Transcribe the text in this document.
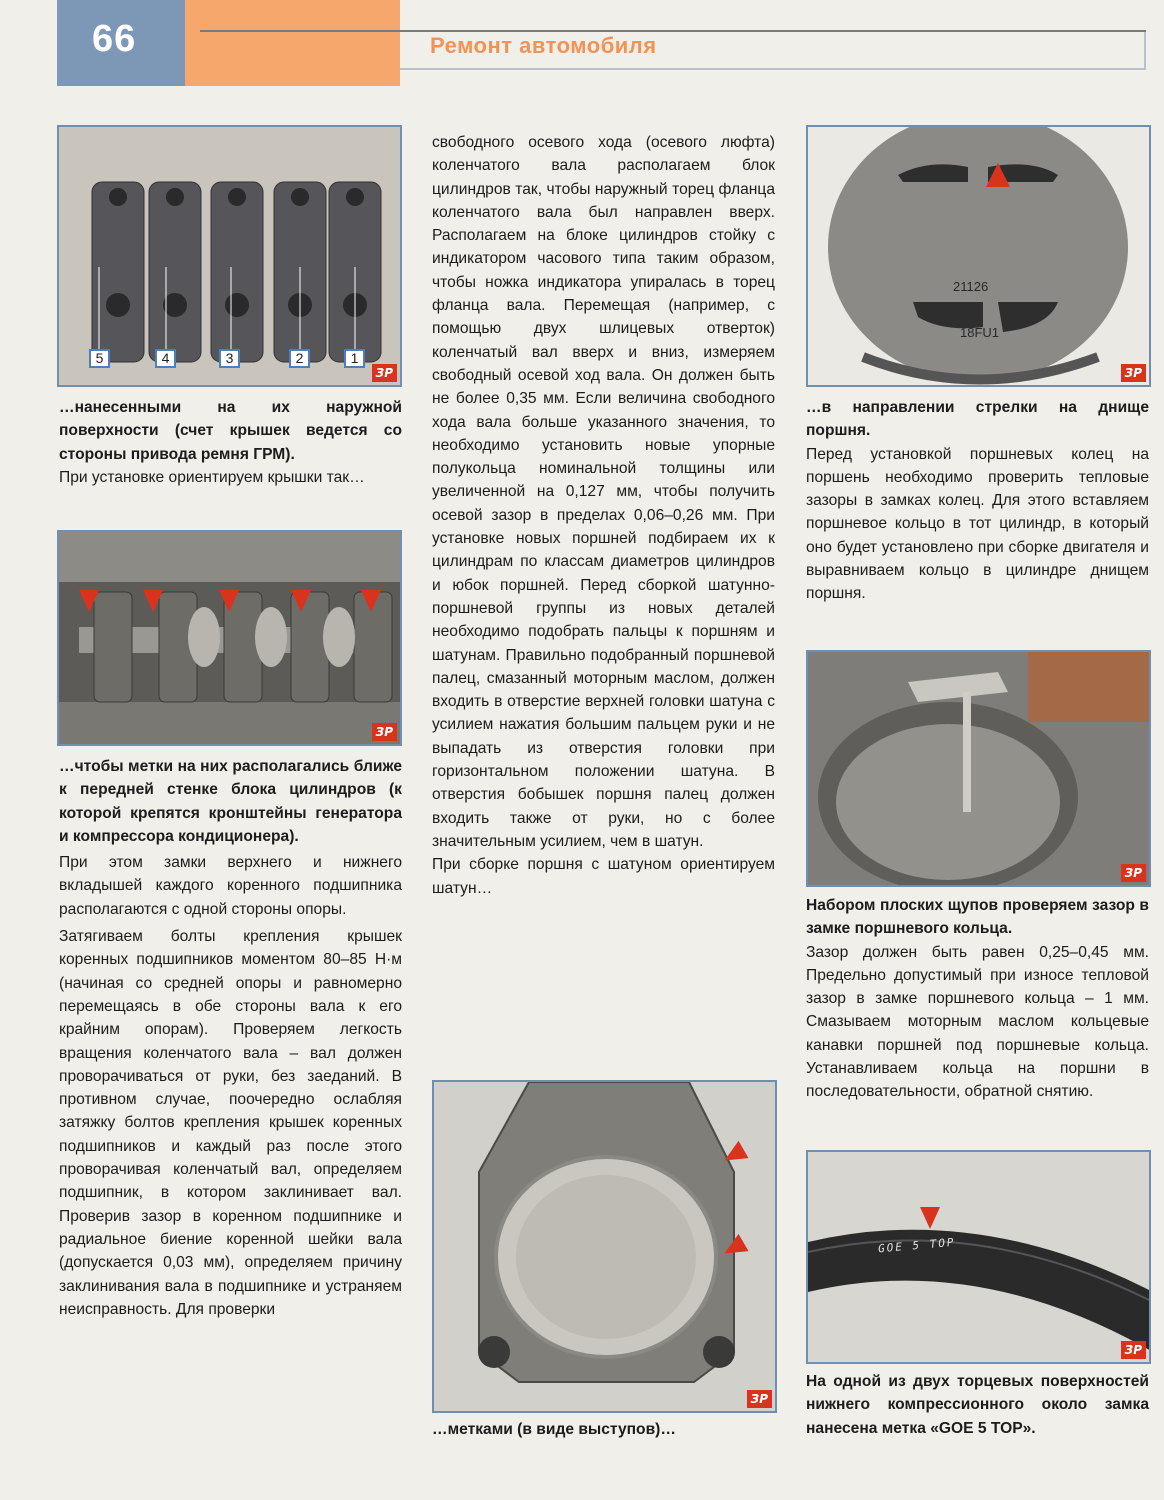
66	Ремонт автомобиля
5	4	3	2	1
ЗР

…нанесенными на их наружной поверхности (счет крышек ведется со стороны привода ремня ГРМ).

При установке ориентируем крышки так…

ЗР

…чтобы метки на них располагались ближе к передней стенке блока цилиндров (к которой крепятся кронштейны генератора и компрессора кондиционера).

При этом замки верхнего и нижнего вкладышей каждого коренного подшипника располагаются с одной стороны опоры.

Затягиваем болты крепления крышек коренных подшипников моментом 80–85 Н·м (начиная со средней опоры и равномерно перемещаясь в обе стороны вала к его крайним опорам). Проверяем легкость вращения коленчатого вала – вал должен проворачиваться от руки, без заеданий. В противном случае, поочередно ослабляя затяжку болтов крепления крышек коренных подшипников и каждый раз после этого проворачивая коленчатый вал, определяем подшипник, в котором заклинивает вал. Проверив зазор в коренном подшипнике и радиальное биение коренной шейки вала (допускается 0,03 мм), определяем причину заклинивания вала в подшипнике и устраняем неисправность. Для проверки

свободного осевого хода (осевого люфта) коленчатого вала располагаем блок цилиндров так, чтобы наружный торец фланца коленчатого вала был направлен вверх. Располагаем на блоке цилиндров стойку с индикатором часового типа таким образом, чтобы ножка индикатора упиралась в торец фланца вала. Перемещая (например, с помощью двух шлицевых отверток) коленчатый вал вверх и вниз, измеряем свободный осевой ход вала. Он должен быть не более 0,35 мм. Если величина свободного хода вала больше указанного значения, то необходимо установить новые упорные полукольца номинальной толщины или увеличенной на 0,127 мм, чтобы получить осевой зазор в пределах 0,06–0,26 мм. При установке новых поршней подбираем их к цилиндрам по классам диаметров цилиндров и юбок поршней. Перед сборкой шатунно-поршневой группы из новых деталей необходимо подобрать пальцы к поршням и шатунам. Правильно подобранный поршневой палец, смазанный моторным маслом, должен входить в отверстие верхней головки шатуна с усилием нажатия большим пальцем руки и не выпадать из отверстия головки при горизонтальном положении шатуна. В отверстия бобышек поршня палец должен входить также от руки, но с более значительным усилием, чем в шатун.

При сборке поршня с шатуном ориентируем шатун…

ЗР

…метками (в виде выступов)…

21126
18FU1
ЗР

…в направлении стрелки на днище поршня.

Перед установкой поршневых колец на поршень необходимо проверить тепловые зазоры в замках колец. Для этого вставляем поршневое кольцо в тот цилиндр, в который оно будет установлено при сборке двигателя и выравниваем кольцо в цилиндре днищем поршня.

ЗР

Набором плоских щупов проверяем зазор в замке поршневого кольца.

Зазор должен быть равен 0,25–0,45 мм. Предельно допустимый при износе тепловой зазор в замке поршневого кольца – 1 мм. Смазываем моторным маслом кольцевые канавки поршней под поршневые кольца. Устанавливаем кольца на поршни в последовательности, обратной снятию.

GOE 5 TOP
ЗР

На одной из двух торцевых поверхностей нижнего компрессионного около замка нанесена метка «GOE 5 TOP».
